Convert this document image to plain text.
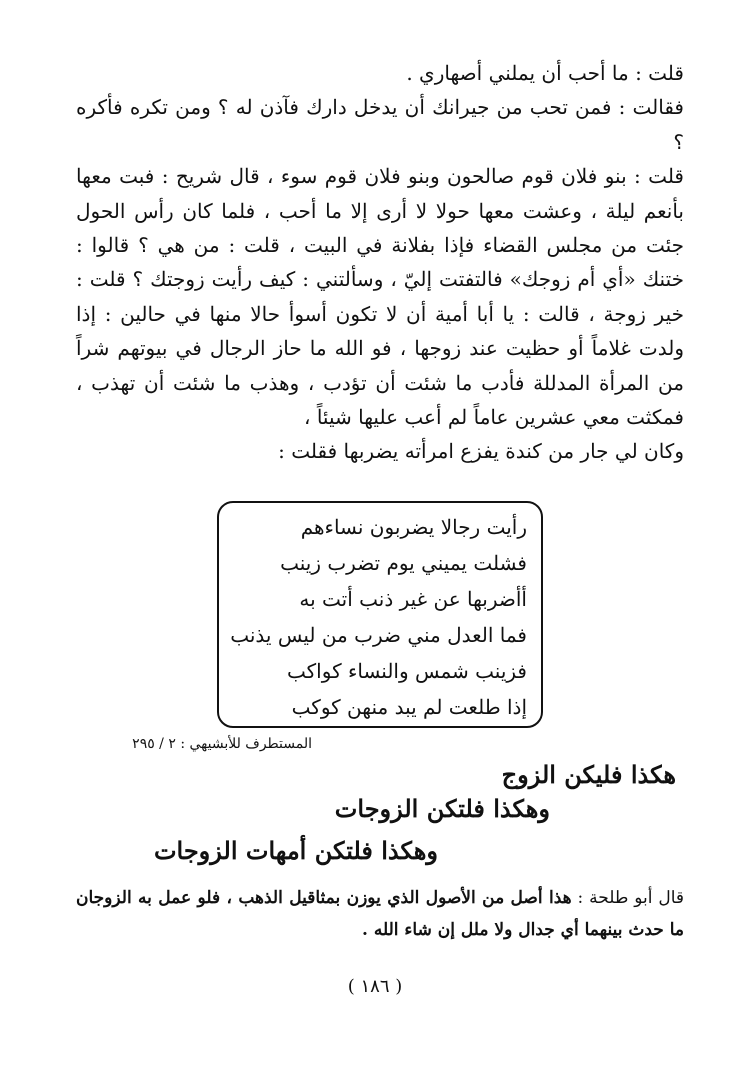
قلت : ما أحب أن يملني أصهاري .

فقالت : فمن تحب من جيرانك أن يدخل دارك فآذن له ؟ ومن تكره فأكره ؟

قلت : بنو فلان قوم صالحون وبنو فلان قوم سوء ، قال شريح : فبت معها بأنعم ليلة ، وعشت معها حولا لا أرى إلا ما أحب ، فلما كان رأس الحول جئت من مجلس القضاء فإذا بفلانة في البيت ، قلت : من هي ؟ قالوا : ختنك «أي أم زوجك» فالتفتت إليّ ، وسألتني : كيف رأيت زوجتك ؟ قلت : خير زوجة ، قالت : يا أبا أمية أن لا تكون أسوأ حالا منها في حالين : إذا ولدت غلاماً أو حظيت عند زوجها ، فو الله ما حاز الرجال في بيوتهم شراً من المرأة المدللة فأدب ما شئت أن تؤدب ، وهذب ما شئت أن تهذب ، فمكثت معي عشرين عاماً لم أعب عليها شيئاً ،

وكان لي جار من كندة يفزع امرأته يضربها فقلت :

رأيت رجالا يضربون نساءهم
فشلت يميني يوم تضرب زينب
أأضربها عن غير ذنب أتت به
فما العدل مني ضرب من ليس يذنب
فزينب شمس والنساء كواكب
إذا طلعت لم يبد منهن كوكب
المستطرف للأبشيهي : ٢ / ٢٩٥
هكذا فليكن الزوج
وهكذا فلتكن الزوجات
وهكذا فلتكن أمهات الزوجات
قال أبو طلحة : هذا أصل من الأصول الذي يوزن بمثاقيل الذهب ، فلو عمل به الزوجان ما حدث بينهما أي جدال ولا ملل إن شاء الله .
( ١٨٦ )
